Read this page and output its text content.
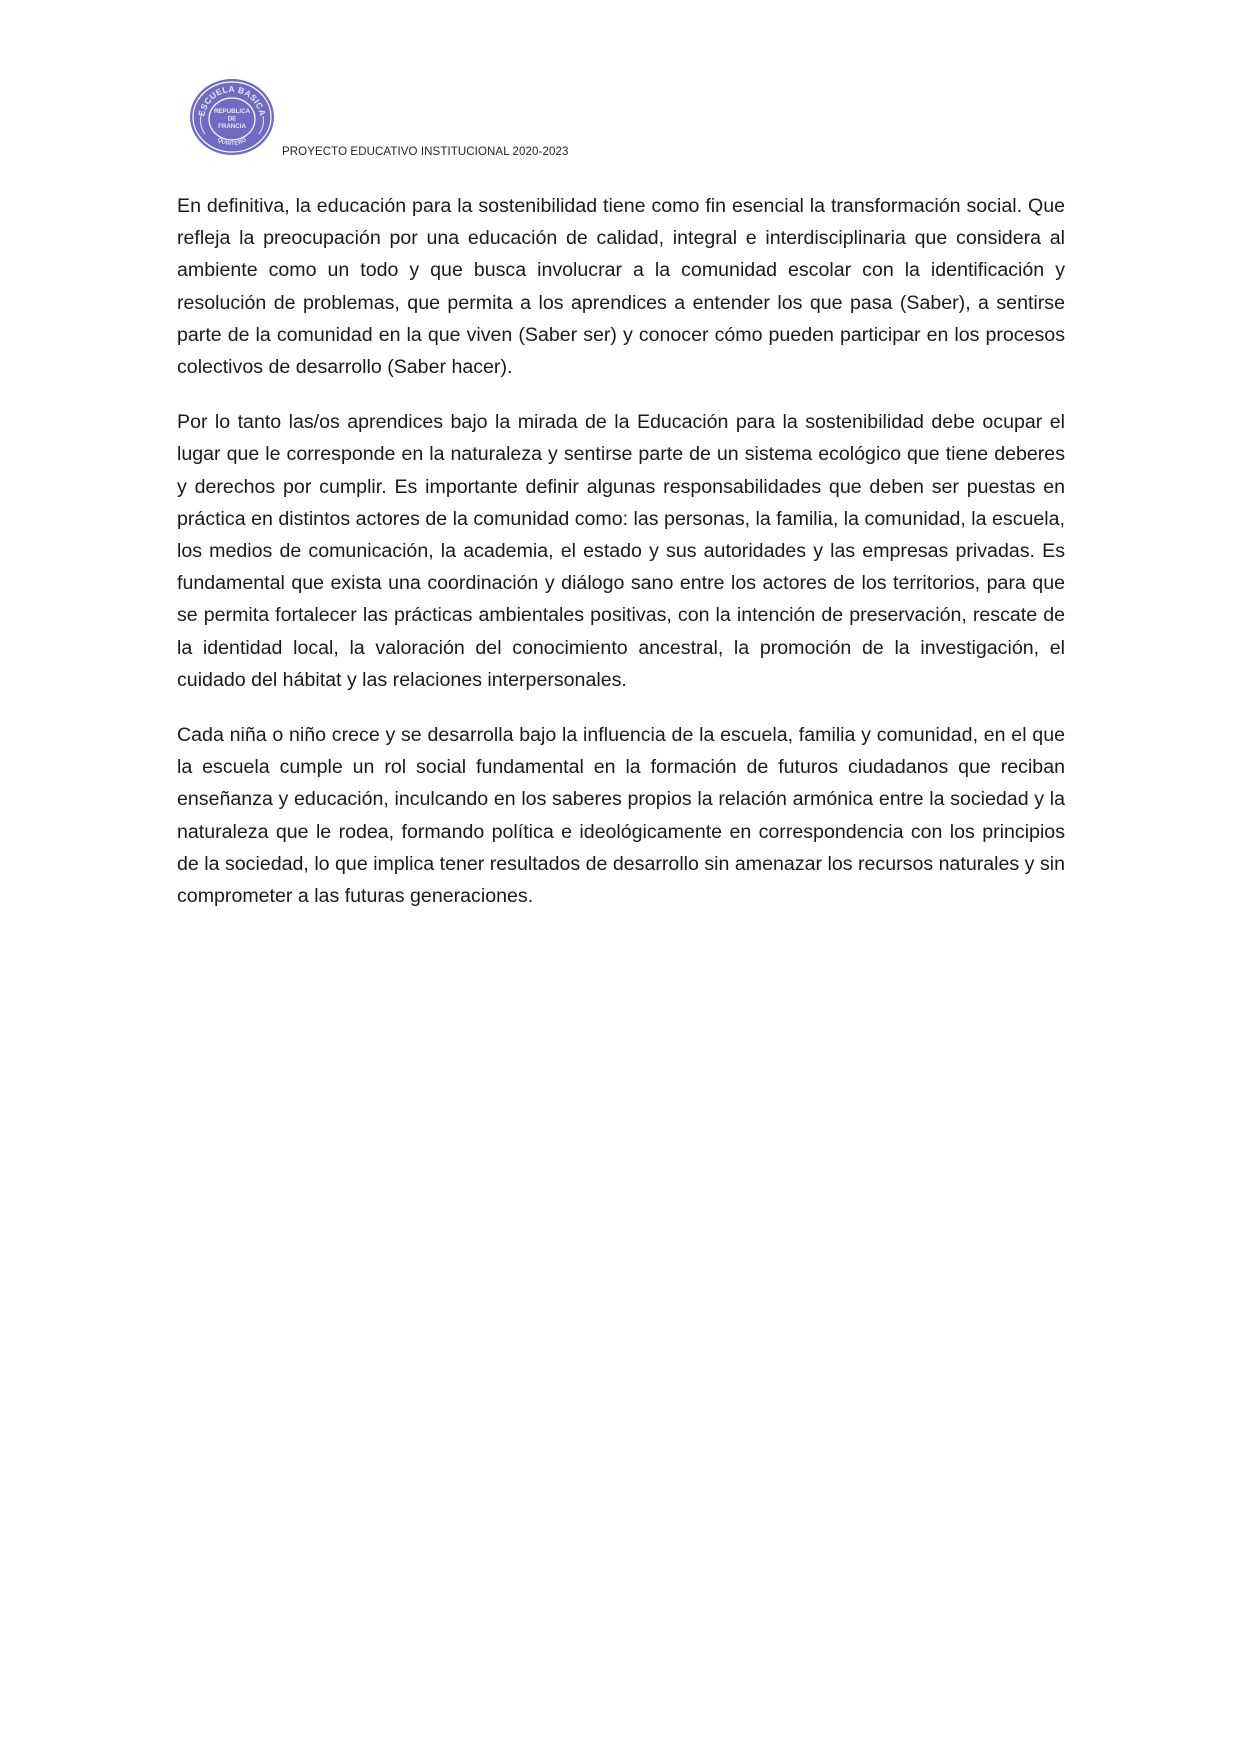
ESCUELA BASICA
REPUBLICA
DE
FRANCIA
QUINTERO
PROYECTO EDUCATIVO INSTITUCIONAL 2020-2023

En definitiva, la educación para la sostenibilidad tiene como fin esencial la transformación social. Que refleja la preocupación por una educación de calidad, integral e interdisciplinaria que considera al ambiente como un todo y que busca involucrar a la comunidad escolar con la identificación y resolución de problemas, que permita a los aprendices a entender los que pasa (Saber), a sentirse parte de la comunidad en la que viven (Saber ser) y conocer cómo pueden participar en los procesos colectivos de desarrollo (Saber hacer).

Por lo tanto las/os aprendices bajo la mirada de la Educación para la sostenibilidad debe ocupar el lugar que le corresponde en la naturaleza y sentirse parte de un sistema ecológico que tiene deberes y derechos por cumplir. Es importante definir algunas responsabilidades que deben ser puestas en práctica en distintos actores de la comunidad como: las personas, la familia, la comunidad, la escuela, los medios de comunicación, la academia, el estado y sus autoridades y las empresas privadas. Es fundamental que exista una coordinación y diálogo sano entre los actores de los territorios, para que se permita fortalecer las prácticas ambientales positivas, con la intención de preservación, rescate de la identidad local, la valoración del conocimiento ancestral, la promoción de la investigación, el cuidado del hábitat y las relaciones interpersonales.

Cada niña o niño crece y se desarrolla bajo la influencia de la escuela, familia y comunidad, en el que la escuela cumple un rol social fundamental en la formación de futuros ciudadanos que reciban enseñanza y educación, inculcando en los saberes propios la relación armónica entre la sociedad y la naturaleza que le rodea, formando política e ideológicamente en correspondencia con los principios de la sociedad, lo que implica tener resultados de desarrollo sin amenazar los recursos naturales y sin comprometer a las futuras generaciones.
